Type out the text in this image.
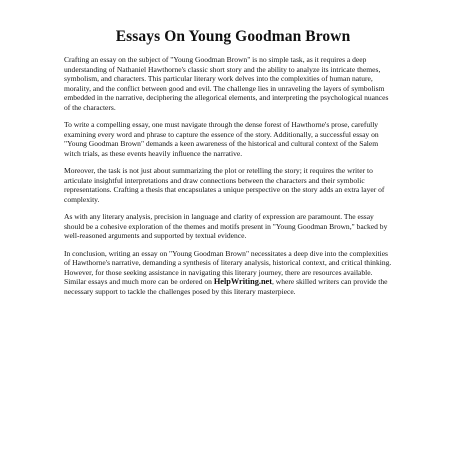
Essays On Young Goodman Brown

Crafting an essay on the subject of "Young Goodman Brown" is no simple task, as it requires a deep understanding of Nathaniel Hawthorne's classic short story and the ability to analyze its intricate themes, symbolism, and characters. This particular literary work delves into the complexities of human nature, morality, and the conflict between good and evil. The challenge lies in unraveling the layers of symbolism embedded in the narrative, deciphering the allegorical elements, and interpreting the psychological nuances of the characters.

To write a compelling essay, one must navigate through the dense forest of Hawthorne's prose, carefully examining every word and phrase to capture the essence of the story. Additionally, a successful essay on "Young Goodman Brown" demands a keen awareness of the historical and cultural context of the Salem witch trials, as these events heavily influence the narrative.

Moreover, the task is not just about summarizing the plot or retelling the story; it requires the writer to articulate insightful interpretations and draw connections between the characters and their symbolic representations. Crafting a thesis that encapsulates a unique perspective on the story adds an extra layer of complexity.

As with any literary analysis, precision in language and clarity of expression are paramount. The essay should be a cohesive exploration of the themes and motifs present in "Young Goodman Brown," backed by well-reasoned arguments and supported by textual evidence.

In conclusion, writing an essay on "Young Goodman Brown" necessitates a deep dive into the complexities of Hawthorne's narrative, demanding a synthesis of literary analysis, historical context, and critical thinking. However, for those seeking assistance in navigating this literary journey, there are resources available. Similar essays and much more can be ordered on HelpWriting.net, where skilled writers can provide the necessary support to tackle the challenges posed by this literary masterpiece.
